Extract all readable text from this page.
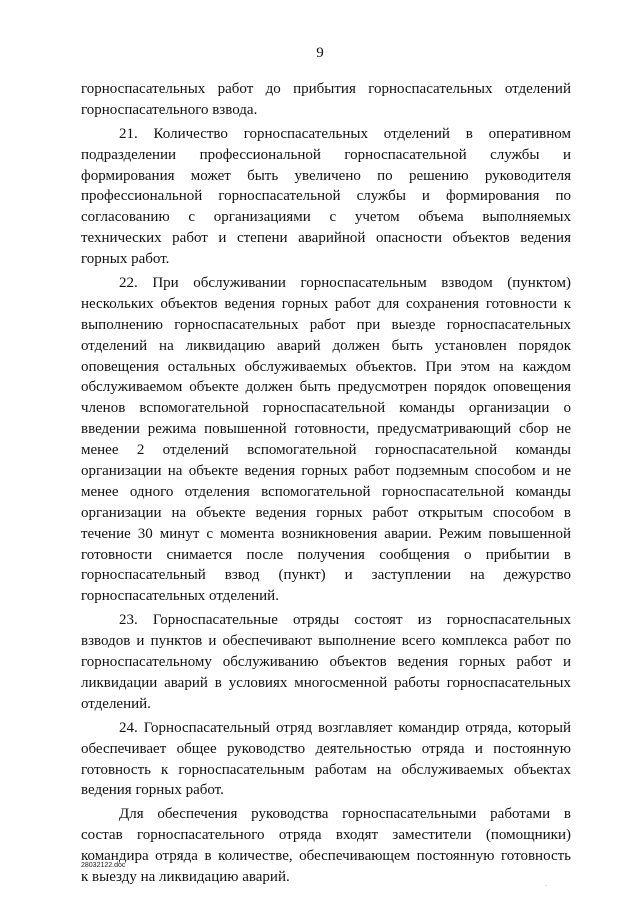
9
горноспасательных работ до прибытия горноспасательных отделений
горноспасательного взвода.
21. Количество горноспасательных отделений в оперативном
подразделении профессиональной горноспасательной службы и
формирования может быть увеличено по решению руководителя
профессиональной горноспасательной службы и формирования по
согласованию с организациями с учетом объема выполняемых
технических работ и степени аварийной опасности объектов ведения
горных работ.
22. При обслуживании горноспасательным взводом (пунктом)
нескольких объектов ведения горных работ для сохранения готовности к
выполнению горноспасательных работ при выезде горноспасательных
отделений на ликвидацию аварий должен быть установлен порядок
оповещения остальных обслуживаемых объектов. При этом на каждом
обслуживаемом объекте должен быть предусмотрен порядок оповещения
членов вспомогательной горноспасательной команды организации о
введении режима повышенной готовности, предусматривающий сбор не
менее 2 отделений вспомогательной горноспасательной команды
организации на объекте ведения горных работ подземным способом и не
менее одного отделения вспомогательной горноспасательной команды
организации на объекте ведения горных работ открытым способом в
течение 30 минут с момента возникновения аварии. Режим повышенной
готовности снимается после получения сообщения о прибытии в
горноспасательный взвод (пункт) и заступлении на дежурство
горноспасательных отделений.
23. Горноспасательные отряды состоят из горноспасательных
взводов и пунктов и обеспечивают выполнение всего комплекса работ по
горноспасательному обслуживанию объектов ведения горных работ и
ликвидации аварий в условиях многосменной работы горноспасательных
отделений.
24. Горноспасательный отряд возглавляет командир отряда, который
обеспечивает общее руководство деятельностью отряда и постоянную
готовность к горноспасательным работам на обслуживаемых объектах
ведения горных работ.
Для обеспечения руководства горноспасательными работами в
состав горноспасательного отряда входят заместители (помощники)
командира отряда в количестве, обеспечивающем постоянную готовность
к выезду на ликвидацию аварий.
28032122.doc
.
